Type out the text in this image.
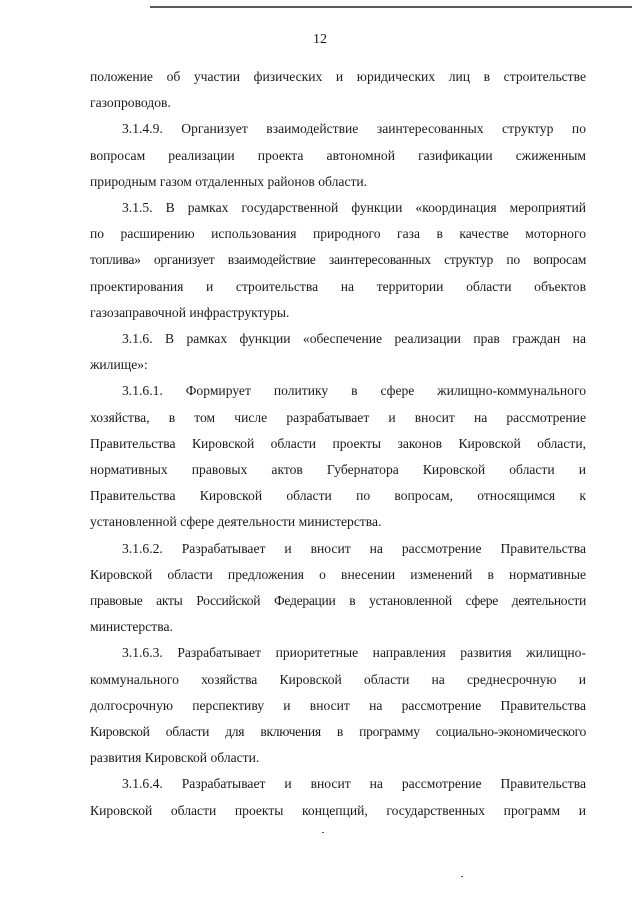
12

положение об участии физических и юридических лиц в строительстве
газопроводов.

3.1.4.9. Организует взаимодействие заинтересованных структур по
вопросам реализации проекта автономной газификации сжиженным
природным газом отдаленных районов области.

3.1.5. В рамках государственной функции «координация мероприятий
по расширению использования природного газа в качестве моторного
топлива» организует взаимодействие заинтересованных структур по вопросам
проектирования и строительства на территории области объектов
газозаправочной инфраструктуры.

3.1.6. В рамках функции «обеспечение реализации прав граждан на
жилище»:

3.1.6.1. Формирует политику в сфере жилищно-коммунального
хозяйства, в том числе разрабатывает и вносит на рассмотрение
Правительства Кировской области проекты законов Кировской области,
нормативных правовых актов Губернатора Кировской области и
Правительства Кировской области по вопросам, относящимся к
установленной сфере деятельности министерства.

3.1.6.2. Разрабатывает и вносит на рассмотрение Правительства
Кировской области предложения о внесении изменений в нормативные
правовые акты Российской Федерации в установленной сфере деятельности
министерства.

3.1.6.3. Разрабатывает приоритетные направления развития жилищно-
коммунального хозяйства Кировской области на среднесрочную и
долгосрочную перспективу и вносит на рассмотрение Правительства
Кировской области для включения в программу социально-экономического
развития Кировской области.

3.1.6.4. Разрабатывает и вносит на рассмотрение Правительства
Кировской области проекты концепций, государственных программ и
